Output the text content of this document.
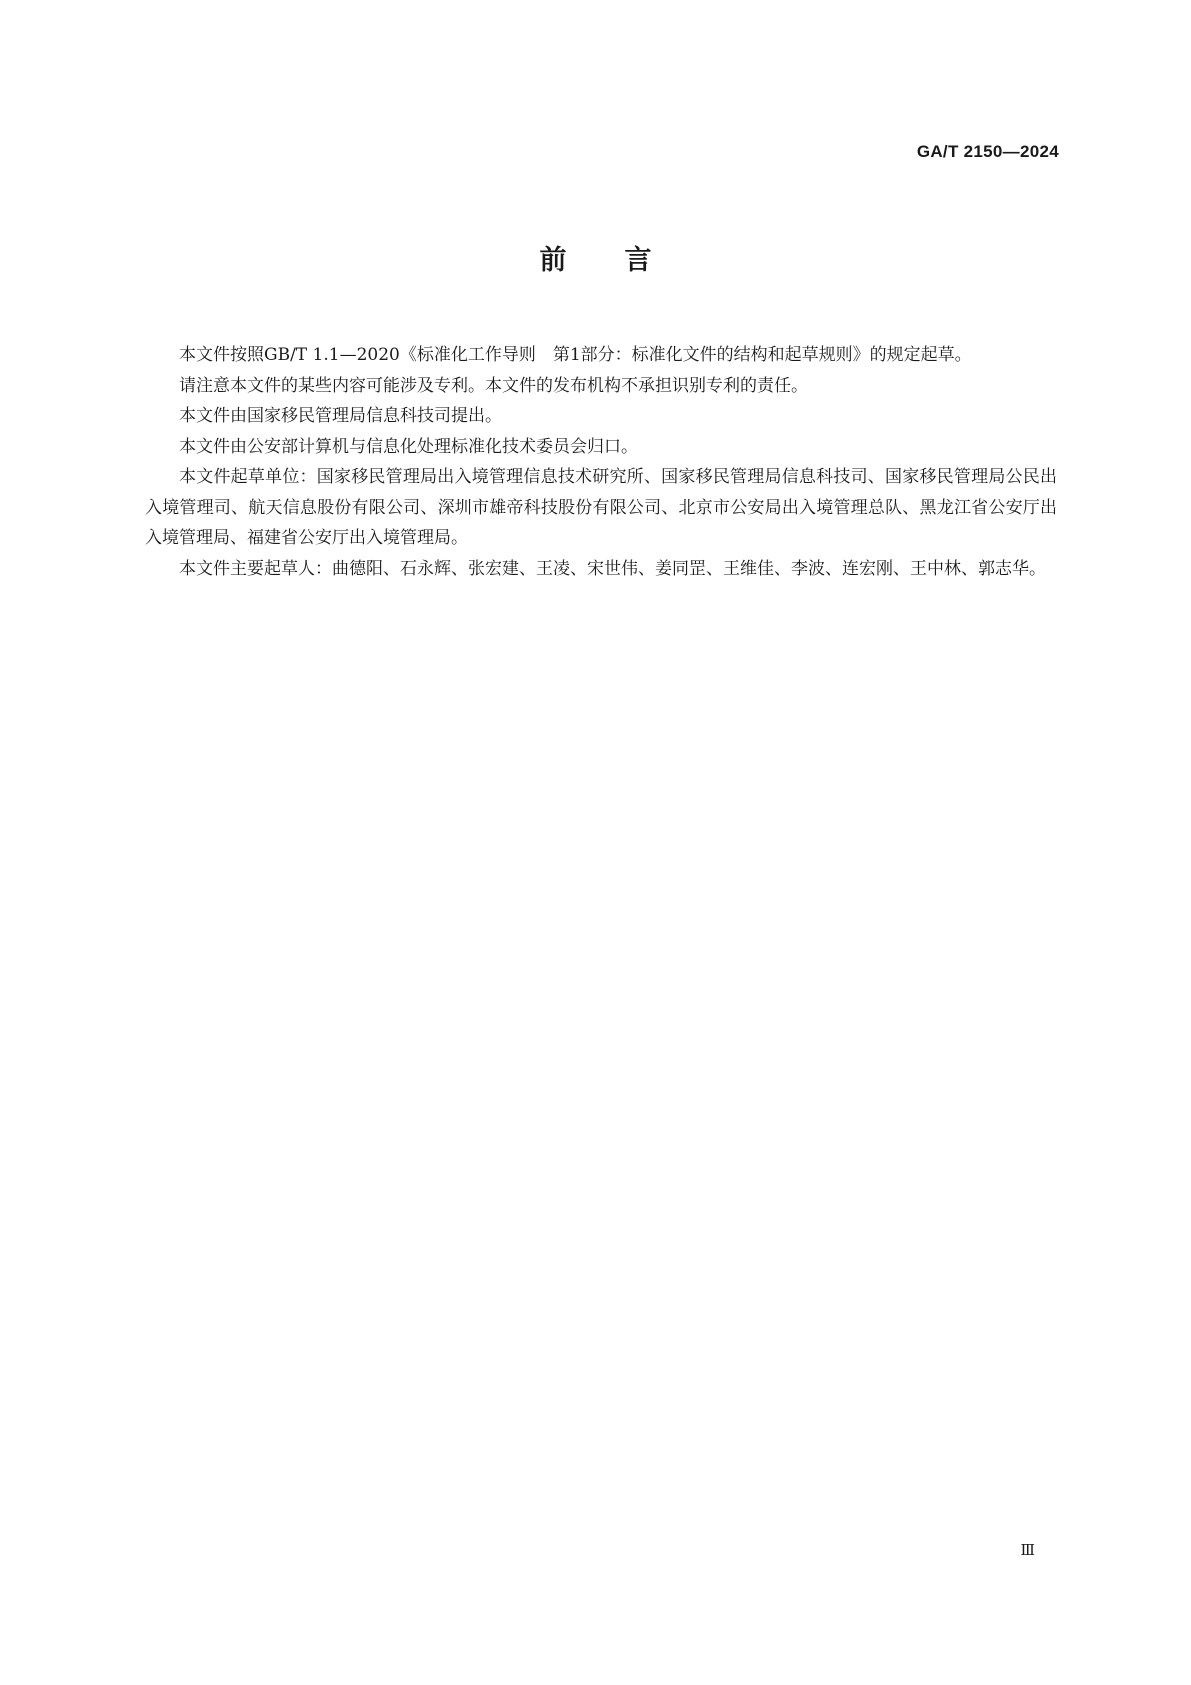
GA/T 2150—2024
前言

本文件按照GB/T 1.1—2020《标准化工作导则　第1部分：标准化文件的结构和起草规则》的规定起草。

请注意本文件的某些内容可能涉及专利。本文件的发布机构不承担识别专利的责任。

本文件由国家移民管理局信息科技司提出。

本文件由公安部计算机与信息化处理标准化技术委员会归口。

本文件起草单位：国家移民管理局出入境管理信息技术研究所、国家移民管理局信息科技司、国家移民管理局公民出入境管理司、航天信息股份有限公司、深圳市雄帝科技股份有限公司、北京市公安局出入境管理总队、黑龙江省公安厅出入境管理局、福建省公安厅出入境管理局。

本文件主要起草人：曲德阳、石永辉、张宏建、王凌、宋世伟、姜同罡、王维佳、李波、连宏刚、王中林、郭志华。

Ⅲ
